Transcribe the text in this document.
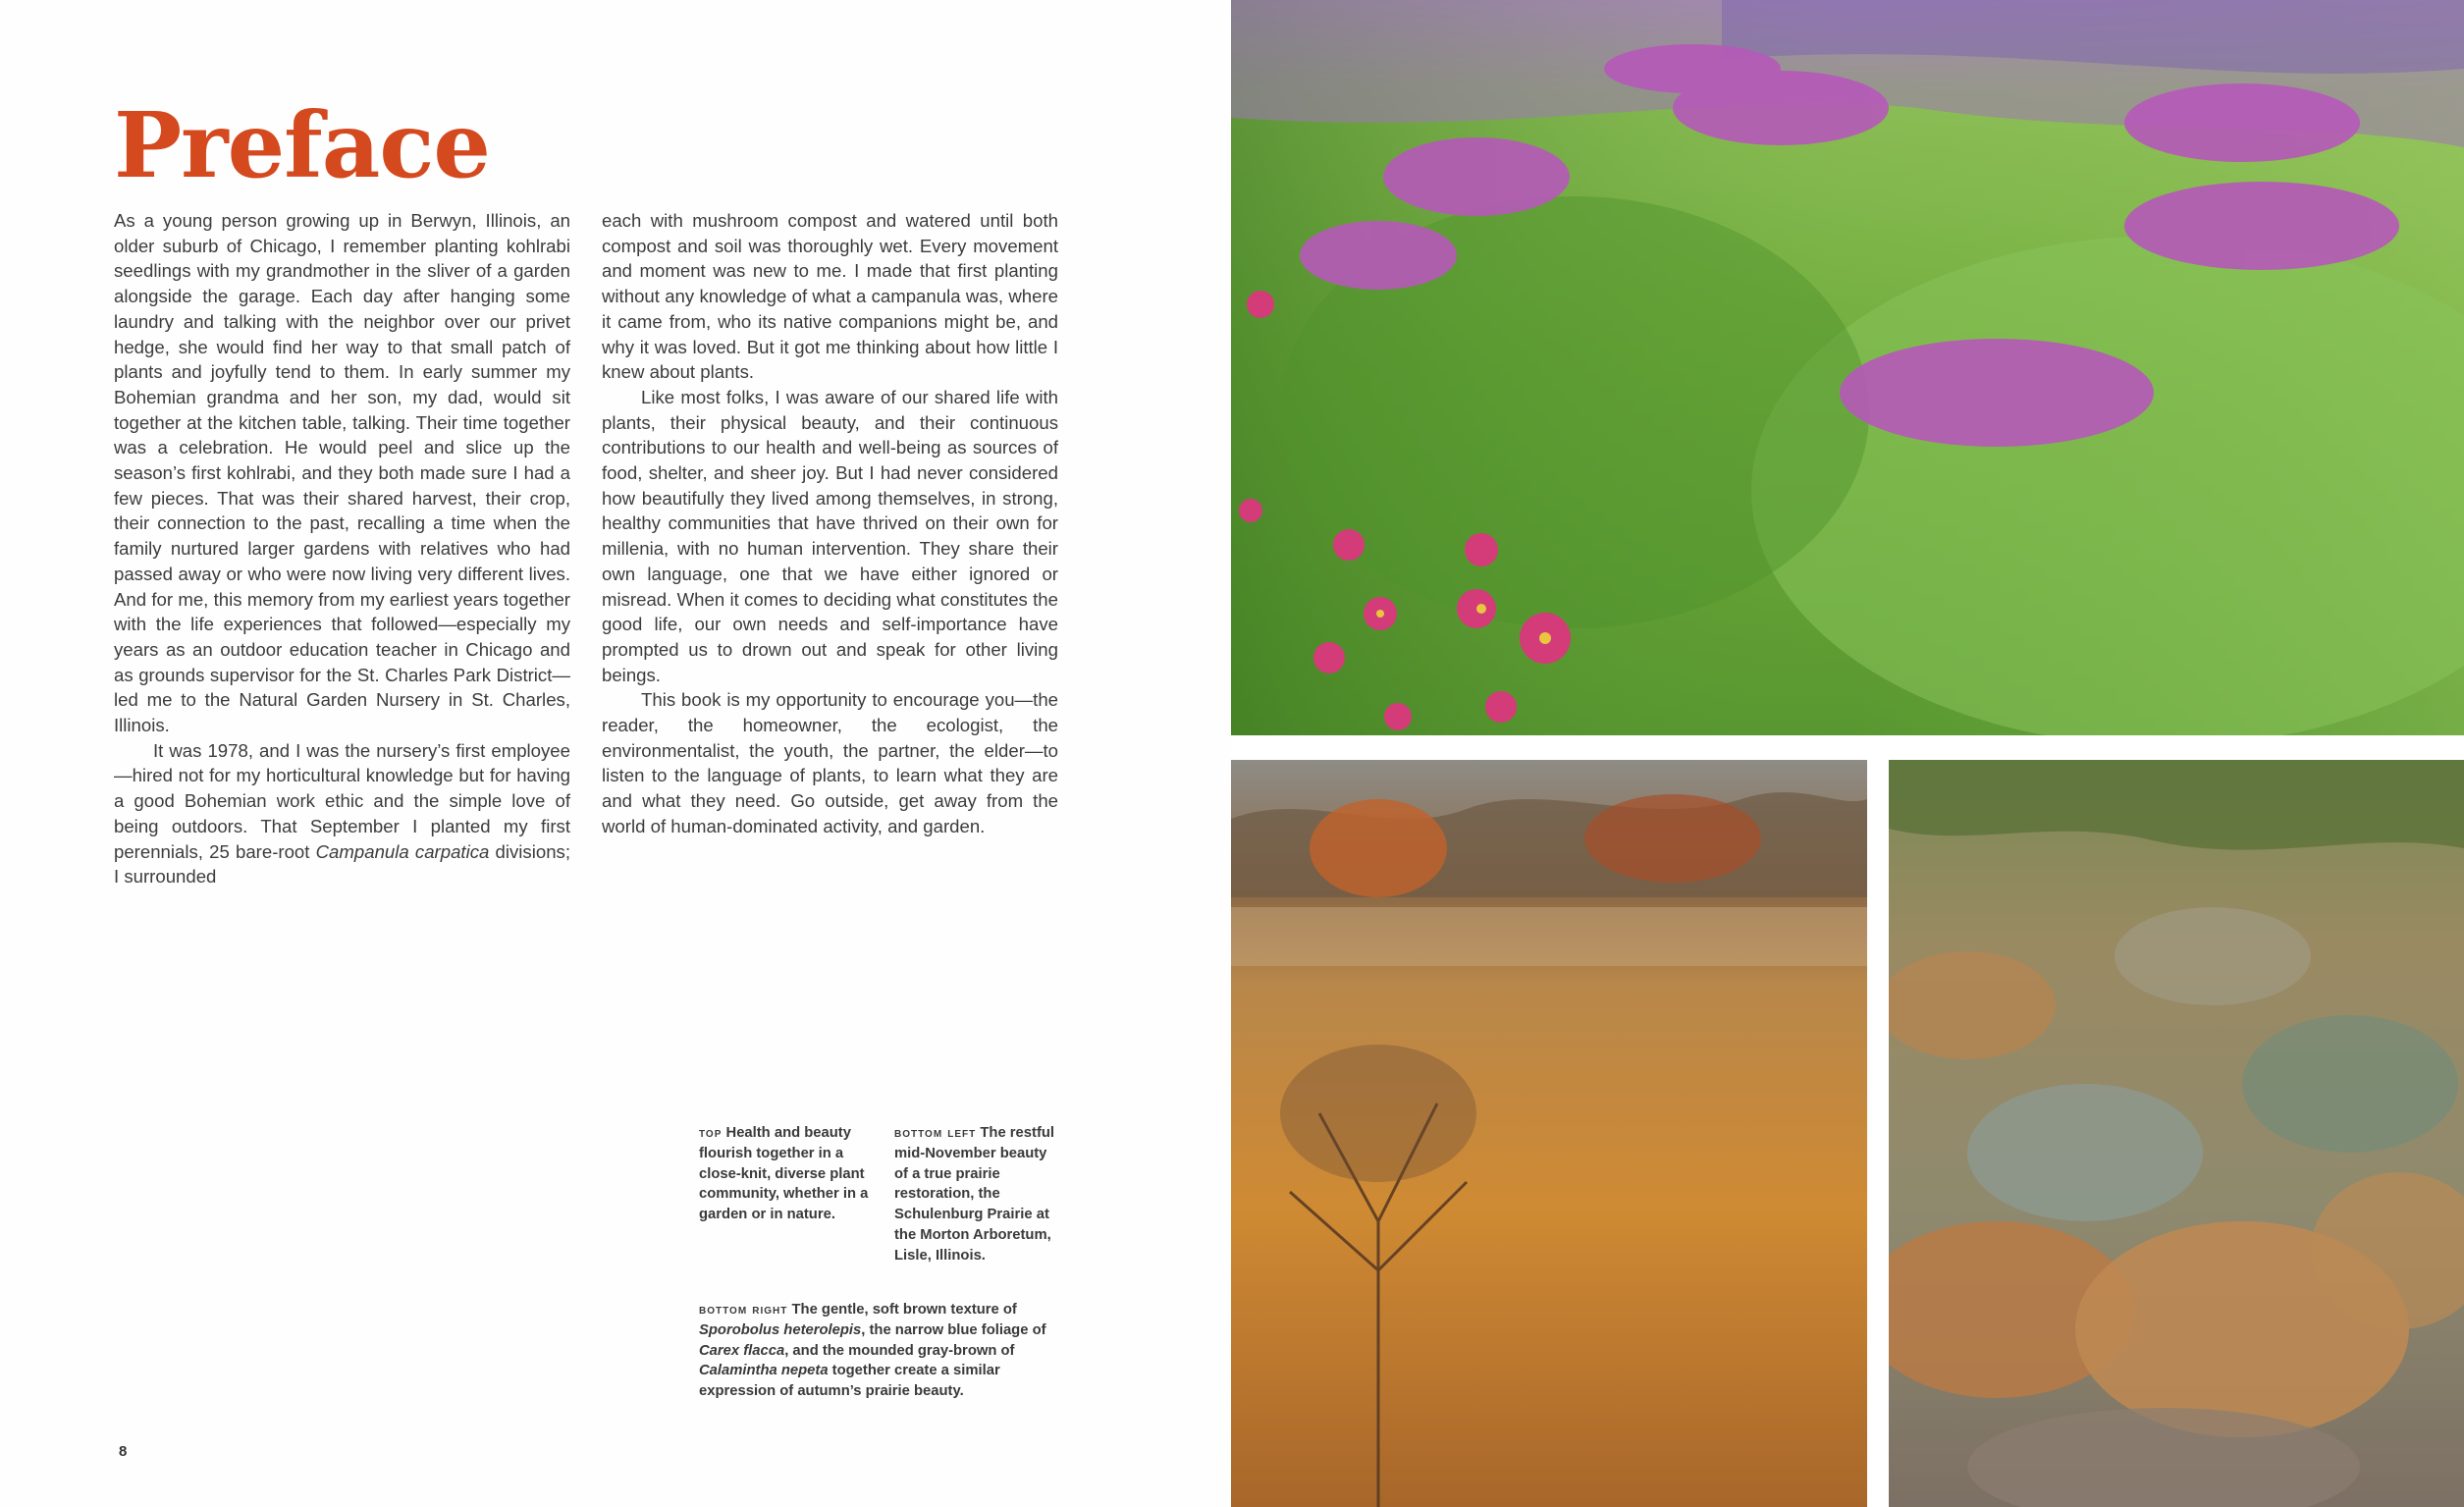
Preface

As a young person growing up in Berwyn, Illinois, an older suburb of Chicago, I remember planting kohlrabi seedlings with my grandmother in the sliver of a garden alongside the garage. Each day after hanging some laundry and talking with the neighbor over our privet hedge, she would find her way to that small patch of plants and joyfully tend to them. In early summer my Bohemian grandma and her son, my dad, would sit together at the kitchen table, talking. Their time together was a celebration. He would peel and slice up the season’s first kohlrabi, and they both made sure I had a few pieces. That was their shared harvest, their crop, their connection to the past, recalling a time when the family nurtured larger gardens with relatives who had passed away or who were now living very different lives. And for me, this memory from my earliest years together with the life experiences that followed—especially my years as an outdoor education teacher in Chicago and as grounds supervisor for the St. Charles Park District—led me to the Natural Garden Nursery in St. Charles, Illinois.

It was 1978, and I was the nursery’s first employee—hired not for my horticultural knowledge but for having a good Bohemian work ethic and the simple love of being outdoors. That September I planted my first perennials, 25 bare-root Campanula carpatica divisions; I surrounded

each with mushroom compost and watered until both compost and soil was thoroughly wet. Every movement and moment was new to me. I made that first planting without any knowledge of what a campanula was, where it came from, who its native companions might be, and why it was loved. But it got me thinking about how little I knew about plants.

Like most folks, I was aware of our shared life with plants, their physical beauty, and their continuous contributions to our health and well-being as sources of food, shelter, and sheer joy. But I had never considered how beautifully they lived among themselves, in strong, healthy communities that have thrived on their own for millenia, with no human intervention. They share their own language, one that we have either ignored or misread. When it comes to deciding what constitutes the good life, our own needs and self-importance have prompted us to drown out and speak for other living beings.

This book is my opportunity to encourage you—the reader, the homeowner, the ecologist, the environmentalist, the youth, the partner, the elder—to listen to the language of plants, to learn what they are and what they need. Go outside, get away from the world of human-dominated activity, and garden.

top Health and beauty flourish together in a close-knit, diverse plant community, whether in a garden or in nature.
bottom left The restful mid-November beauty of a true prairie restoration, the Schulenburg Prairie at the Morton Arboretum, Lisle, Illinois.
bottom right The gentle, soft brown texture of Sporobolus heterolepis, the narrow blue foliage of Carex flacca, and the mounded gray-brown of Calamintha nepeta together create a similar expression of autumn’s prairie beauty.
8
